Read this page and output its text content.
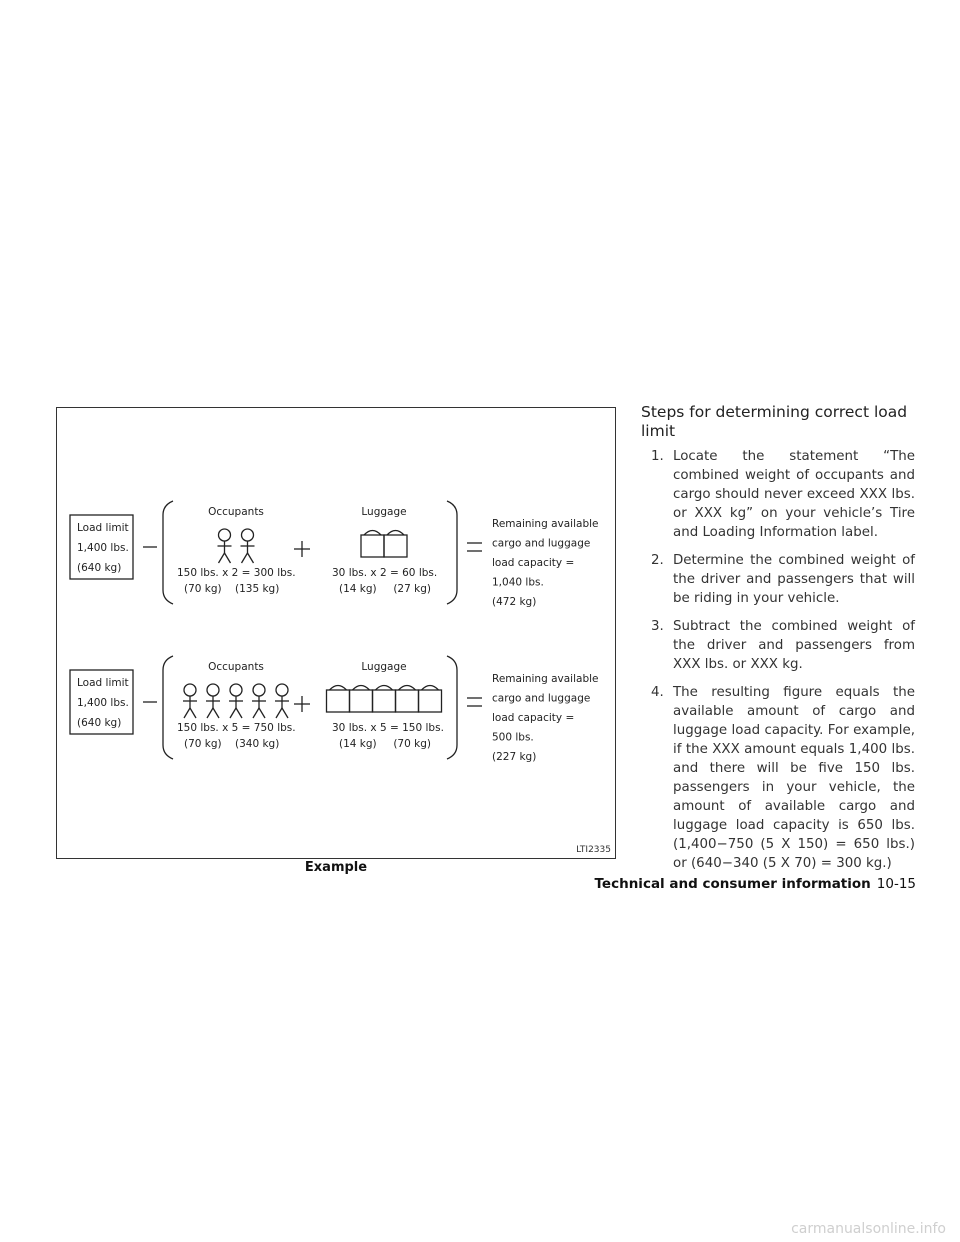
Load limit
1,400 lbs.
(640 kg)
Occupants
150 lbs. x 2 = 300 lbs.
(70 kg)    (135 kg)
Luggage
30 lbs. x 2 = 60 lbs.
(14 kg)     (27 kg)
Remaining available
cargo and luggage
load capacity =
1,040 lbs.
(472 kg)
Load limit
1,400 lbs.
(640 kg)
Occupants
150 lbs. x 5 = 750 lbs.
(70 kg)    (340 kg)
Luggage
30 lbs. x 5 = 150 lbs.
(14 kg)     (70 kg)
Remaining available
cargo and luggage
load capacity =
500 lbs.
(227 kg)
LTI2335
Example
Steps for determining correct load limit
1. Locate the statement “The combined weight of occupants and cargo should never exceed XXX lbs. or XXX kg” on your vehicle’s Tire and Loading Information label.
2. Determine the combined weight of the driver and passengers that will be riding in your vehicle.
3. Subtract the combined weight of the driver and passengers from XXX lbs. or XXX kg.
4. The resulting figure equals the available amount of cargo and luggage load capacity. For example, if the XXX amount equals 1,400 lbs. and there will be five 150 lbs. passengers in your vehicle, the amount of available cargo and luggage load capacity is 650 lbs. (1,400−750 (5 X 150) = 650 lbs.) or (640−340 (5 X 70) = 300 kg.)
Technical and consumer information 10-15
carmanualsonline.info
